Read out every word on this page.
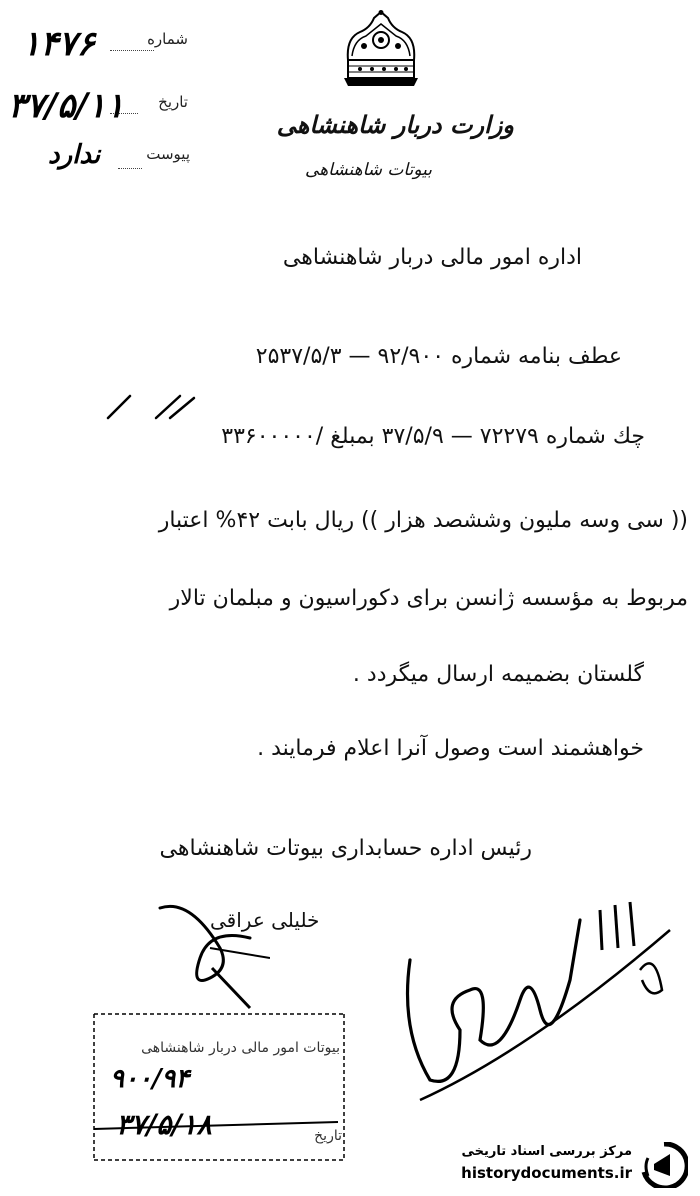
شماره
۱۴۷۶
تاریخ
۳۷/۵/۱۱
پیوست
ندارد
وزارت دربار شاهنشاهی
بیوتات شاهنشاهی
اداره امور مالی دربار شاهنشاهی
عطف بنامه شماره ۹۲/۹۰۰ — ۲۵۳۷/۵/۳
چك شماره ۷۲۲۷۹ — ۳۷/۵/۹ بمبلغ /۳۳۶۰۰۰۰۰
(( سی وسه ملیون وششصد هزار )) ریال بابت ۴۲% اعتبار
مربوط به مؤسسه ژانسن برای دکوراسیون و مبلمان تالار
گلستان بضمیمه ارسال میگردد .
خواهشمند است وصول آنرا اعلام فرمایند .
رئیس اداره حسابداری بیوتات شاهنشاهی
خلیلی عراقی
بیوتات امور مالی دربار شاهنشاهی
۹۰۰/۹۴
تاریخ
۳۷/۵/۱۸
مرکز بررسی اسناد تاریخی
historydocuments.ir
